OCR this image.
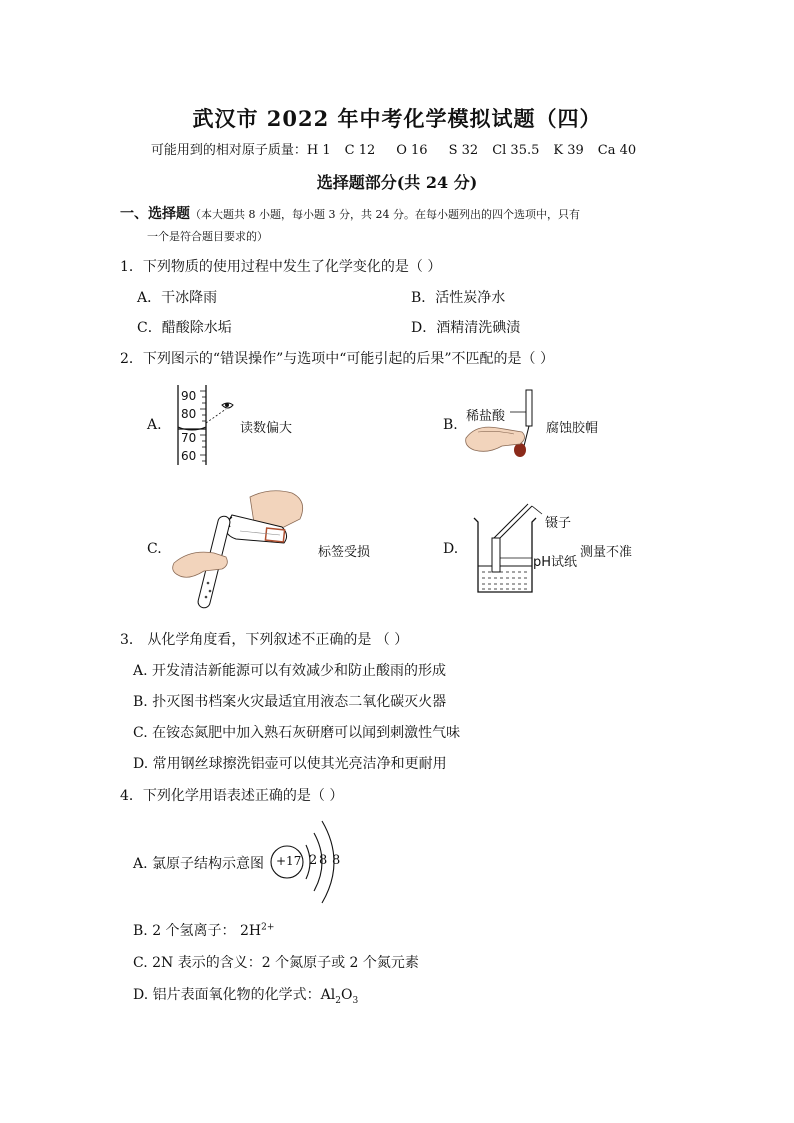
武汉市 2022 年中考化学模拟试题（四）
可能用到的相对原子质量：H 1 C 12 O 16 S 32 Cl 35.5 K 39 Ca 40
选择题部分(共 24 分)
一、选择题（本大题共 8 小题，每小题 3 分，共 24 分。在每小题列出的四个选项中，只有
一个是符合题目要求的）
1．下列物质的使用过程中发生了化学变化的是（ ）
A．干冰降雨	B．活性炭净水
C．醋酸除水垢	D．酒精清洗碘渍
2．下列图示的“错误操作”与选项中“可能引起的后果”不匹配的是（ ）
A.
90
80
70
60
读数偏大	B.
稀盐酸
腐蚀胶帽
C.	标签受损	D.
镊子
pH试纸
测量不准
3． 从化学角度看，下列叙述不正确的是 （ ）
A. 开发清洁新能源可以有效减少和防止酸雨的形成
B. 扑灭图书档案火灾最适宜用液态二氧化碳灭火器
C. 在铵态氮肥中加入熟石灰研磨可以闻到刺激性气味
D. 常用钢丝球擦洗铝壶可以使其光亮洁净和更耐用
4．下列化学用语表述正确的是（ ）
A. 氯原子结构示意图 +17 2 8 8
B. 2 个氢离子： $2H^{2+}$
C. 2N 表示的含义：2 个氮原子或 2 个氮元素
D. 铝片表面氧化物的化学式：$Al_2O_3$
